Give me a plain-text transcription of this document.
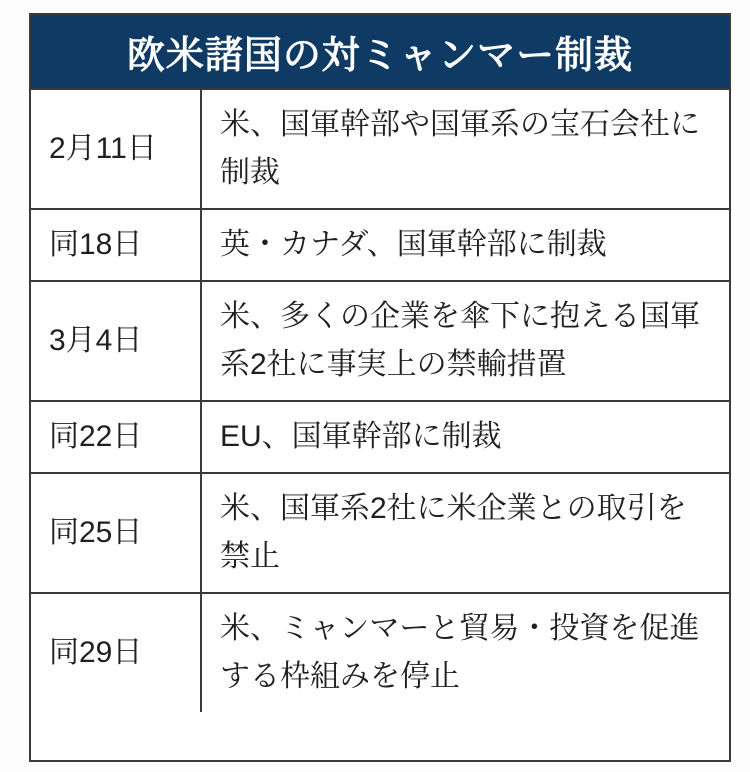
欧米諸国の対ミャンマー制裁
2月11日
米、国軍幹部や国軍系の宝石会社に制裁
同18日	英・カナダ、国軍幹部に制裁
3月4日
米、多くの企業を傘下に抱える国軍系2社に事実上の禁輸措置
同22日	EU、国軍幹部に制裁
同25日
米、国軍系2社に米企業との取引を禁止
同29日
米、ミャンマーと貿易・投資を促進する枠組みを停止
